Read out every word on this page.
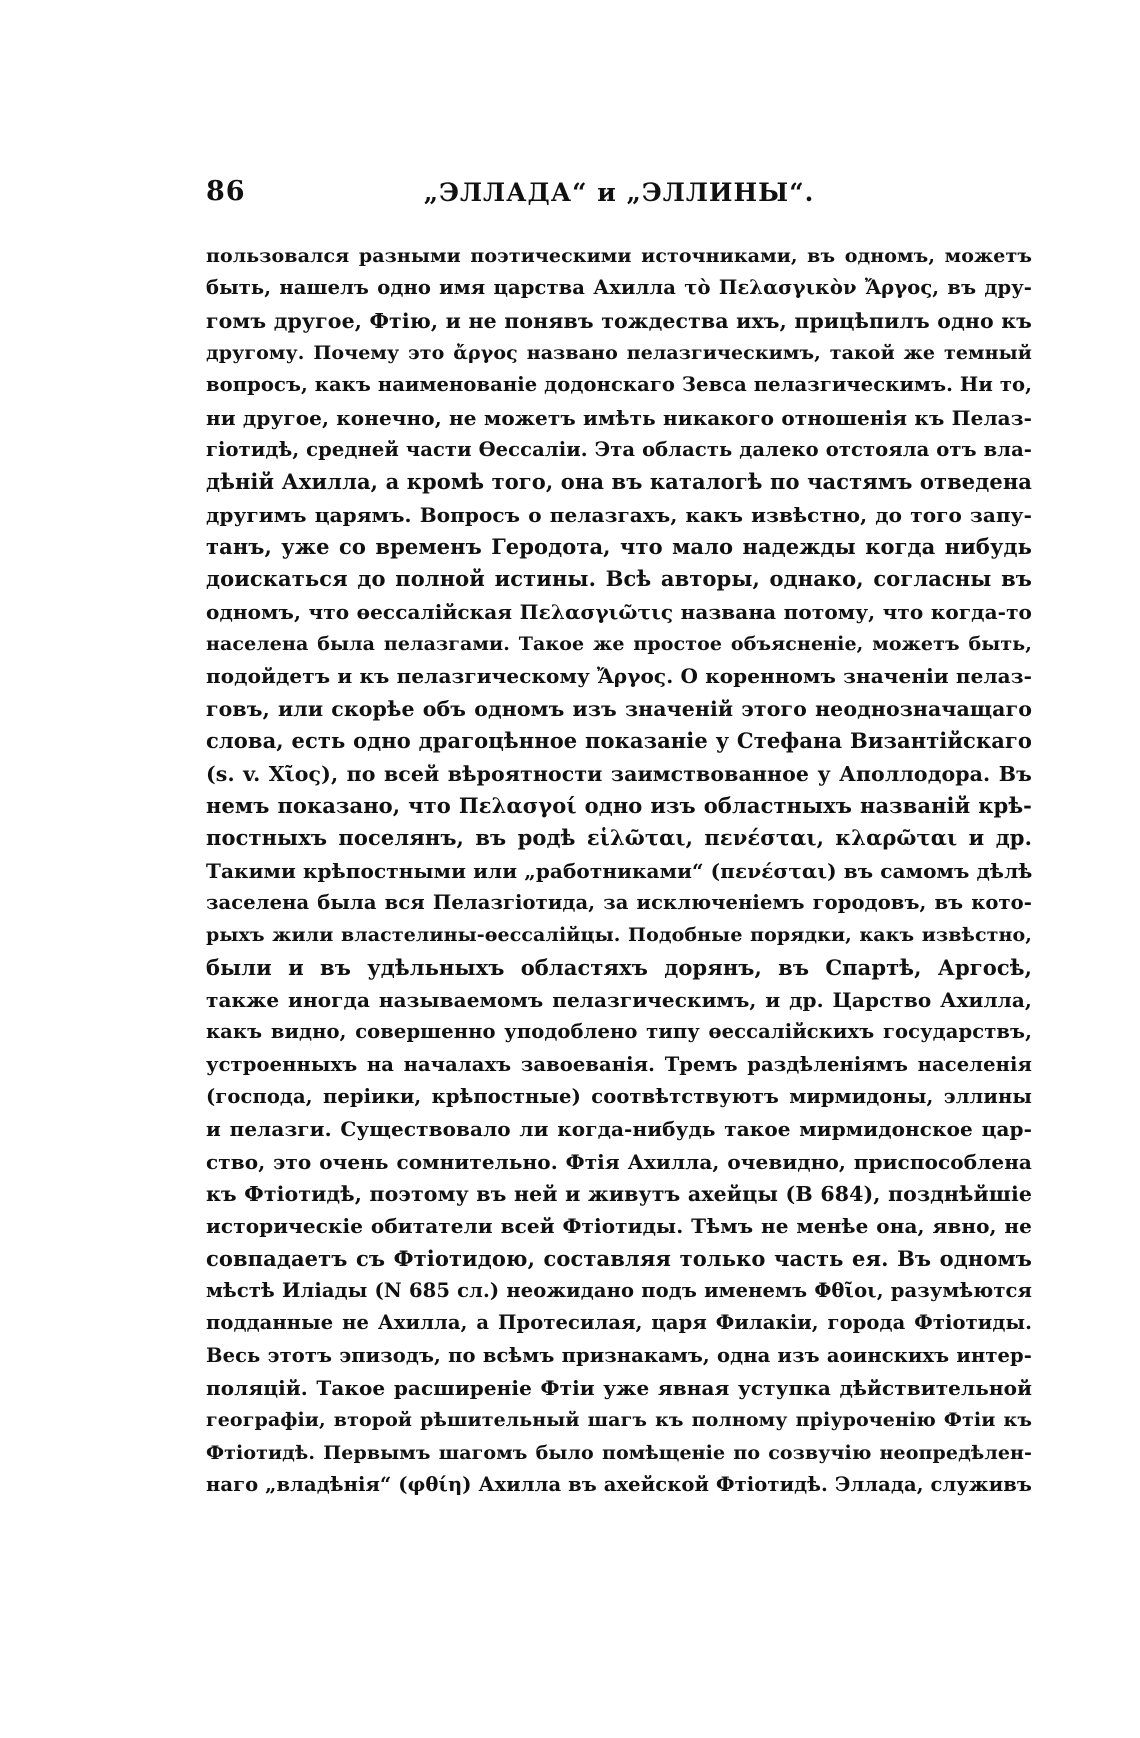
86	„ЭЛЛАДА“ и „ЭЛЛИНЫ“.
пользовался разными поэтическими источниками, въ одномъ, можетъ
быть, нашелъ одно имя царства Ахилла τὸ Πελασγικὸν Ἄργος, въ дру-
гомъ другое, Фтію, и не понявъ тождества ихъ, прицѣпилъ одно къ
другому. Почему это ἄργος названо пелазгическимъ, такой же темный
вопросъ, какъ наименованіе додонскаго Зевса пелазгическимъ. Ни то,
ни другое, конечно, не можетъ имѣть никакого отношенія къ Пелаз-
гіотидѣ, средней части Өессаліи. Эта область далеко отстояла отъ вла-
дѣній Ахилла, а кромѣ того, она въ каталогѣ по частямъ отведена
другимъ царямъ. Вопросъ о пелазгахъ, какъ извѣстно, до того запу-
танъ, уже со временъ Геродота, что мало надежды когда нибудь
доискаться до полной истины. Всѣ авторы, однако, согласны въ
одномъ, что өессалійская Πελασγιῶτις названа потому, что когда-то
населена была пелазгами. Такое же простое объясненіе, можетъ быть,
подойдетъ и къ пелазгическому Ἄργος. О коренномъ значеніи пелаз-
говъ, или скорѣе объ одномъ изъ значеній этого неоднозначащаго
слова, есть одно драгоцѣнное показаніе у Стефана Византійскаго
(s. v. Χῖος), по всей вѣроятности заимствованное у Аполлодора. Въ
немъ показано, что Πελασγοί одно изъ областныхъ названій крѣ-
постныхъ поселянъ, въ родѣ εἱλῶται, πενέσται, κλαρῶται и др.
Такими крѣпостными или „работниками“ (πενέσται) въ самомъ дѣлѣ
заселена была вся Пелазгіотида, за исключеніемъ городовъ, въ кото-
рыхъ жили властелины-өессалійцы. Подобные порядки, какъ извѣстно,
были и въ удѣльныхъ областяхъ дорянъ, въ Спартѣ, Аргосѣ,
также иногда называемомъ пелазгическимъ, и др. Царство Ахилла,
какъ видно, совершенно уподоблено типу өессалійскихъ государствъ,
устроенныхъ на началахъ завоеванія. Тремъ раздѣленіямъ населенія
(господа, періики, крѣпостные) соотвѣтствуютъ мирмидоны, эллины
и пелазги. Существовало ли когда-нибудь такое мирмидонское цар-
ство, это очень сомнительно. Фтія Ахилла, очевидно, приспособлена
къ Фтіотидѣ, поэтому въ ней и живутъ ахейцы (B 684), позднѣйшіе
историческіе обитатели всей Фтіотиды. Тѣмъ не менѣе она, явно, не
совпадаетъ съ Фтіотидою, составляя только часть ея. Въ одномъ
мѣстѣ Иліады (N 685 сл.) неожидано подъ именемъ Φθῖοι, разумѣются
подданные не Ахилла, а Протесилая, царя Филакіи, города Фтіотиды.
Весь этотъ эпизодъ, по всѣмъ признакамъ, одна изъ аоинскихъ интер-
поляцій. Такое расширеніе Фтіи уже явная уступка дѣйствительной
географіи, второй рѣшительный шагъ къ полному пріуроченію Фтіи къ
Фтіотидѣ. Первымъ шагомъ было помѣщеніе по созвучію неопредѣлен-
наго „владѣнія“ (φθίη) Ахилла въ ахейской Фтіотидѣ. Эллада, служивъ
